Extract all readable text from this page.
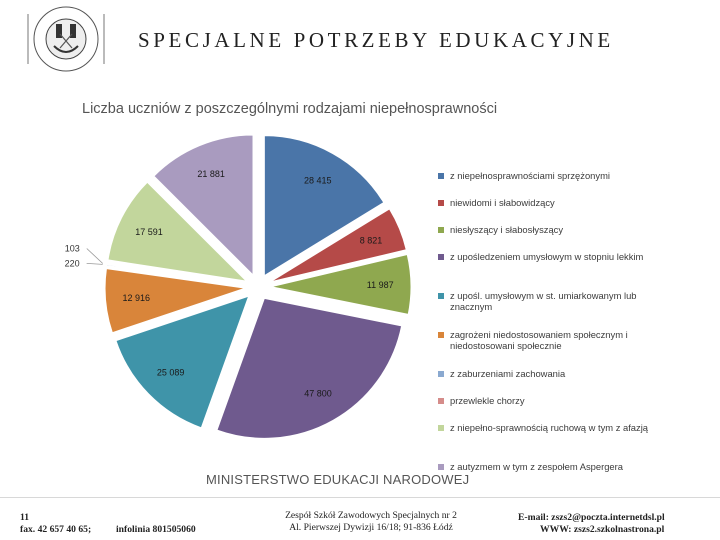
SPECJALNE POTRZEBY EDUKACYJNE
Liczba uczniów z poszczególnymi rodzajami niepełnosprawności
28 415
8 821
11 987
47 800
25 089
12 916
220
103
17 591
21 881	z niepełnosprawnościami sprzężonymi
niewidomi i słabowidzący
niesłyszący i słabosłyszący
z upośledzeniem umysłowym w stopniu lekkim
z upośl. umysłowym w st. umiarkowanym lub znacznym
zagrożeni niedostosowaniem społecznym i niedostosowani społecznie
z zaburzeniami zachowania
przewlekle chorzy
z niepełno-sprawnością ruchową w tym z afazją
z autyzmem w tym z zespołem Aspergera
MINISTERSTWO EDUKACJI NARODOWEJ
11
fax. 42 657 40 65;	infolinia 801505060
Zespół Szkół Zawodowych Specjalnych nr 2
Al. Pierwszej Dywizji 16/18; 91-836 Łódź
E-mail: zszs2@poczta.internetdsl.pl
WWW: zszs2.szkolnastrona.pl
